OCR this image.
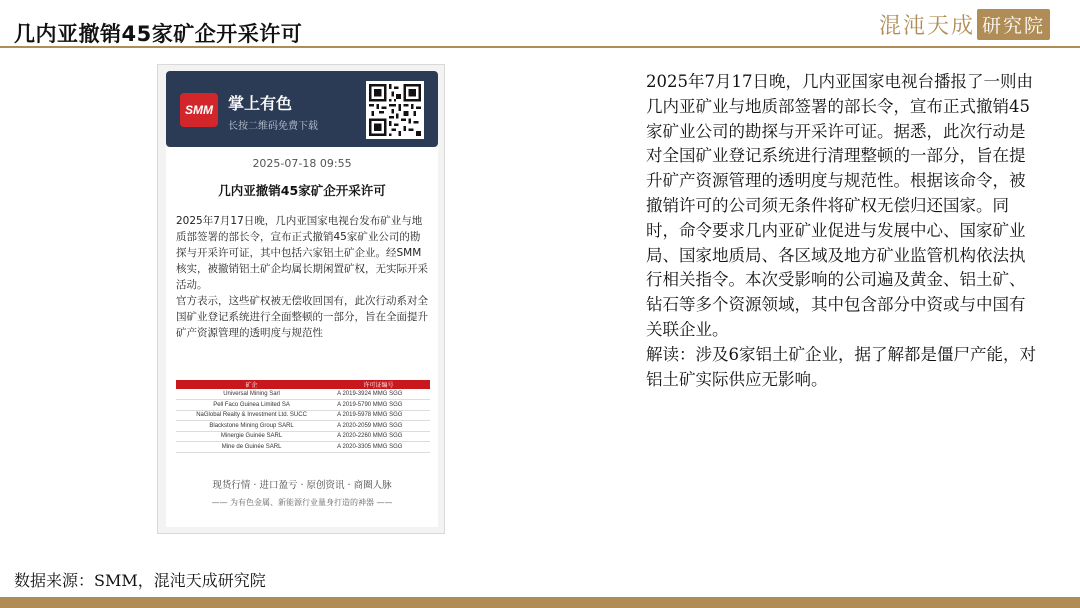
几内亚撤销45家矿企开采许可	混沌天成 研究院
SMM 掌上有色
长按二维码免费下载
2025-07-18 09:55
几内亚撤销45家矿企开采许可

2025年7月17日晚，几内亚国家电视台发布矿业与地质部签署的部长令，宣布正式撤销45家矿业公司的勘探与开采许可证，其中包括六家铝土矿企业。经SMM核实，被撤销铝土矿企均属长期闲置矿权，无实际开采活动。

官方表示，这些矿权被无偿收回国有，此次行动系对全国矿业登记系统进行全面整顿的一部分，旨在全面提升矿产资源管理的透明度与规范性

矿企	许可证编号
Universal Mining Sarl	A 2019-3924 MMG SGG
Pell Faco Guinea Limited SA	A 2019-5790 MMG SGG
NaGlobal Realty & Investment Ltd. SUCC	A 2019-5978 MMG SGG
Blackstone Mining Group SARL	A 2020-2059 MMG SGG
Minergie Guinée SARL	A 2020-2260 MMG SGG
Mine de Guinée SARL	A 2020-3305 MMG SGG
现货行情 · 进口盈亏 · 原创资讯 · 商圈人脉
—— 为有色金属、新能源行业量身打造的神器 ——

2025年7月17日晚，几内亚国家电视台播报了一则由几内亚矿业与地质部签署的部长令，宣布正式撤销45家矿业公司的勘探与开采许可证。据悉，此次行动是对全国矿业登记系统进行清理整顿的一部分，旨在提升矿产资源管理的透明度与规范性。根据该命令，被撤销许可的公司须无条件将矿权无偿归还国家。同时，命令要求几内亚矿业促进与发展中心、国家矿业局、国家地质局、各区域及地方矿业监管机构依法执行相关指令。本次受影响的公司遍及黄金、铝土矿、钻石等多个资源领域，其中包含部分中资或与中国有关联企业。

解读：涉及6家铝土矿企业，据了解都是僵尸产能，对铝土矿实际供应无影响。

数据来源：SMM，混沌天成研究院
